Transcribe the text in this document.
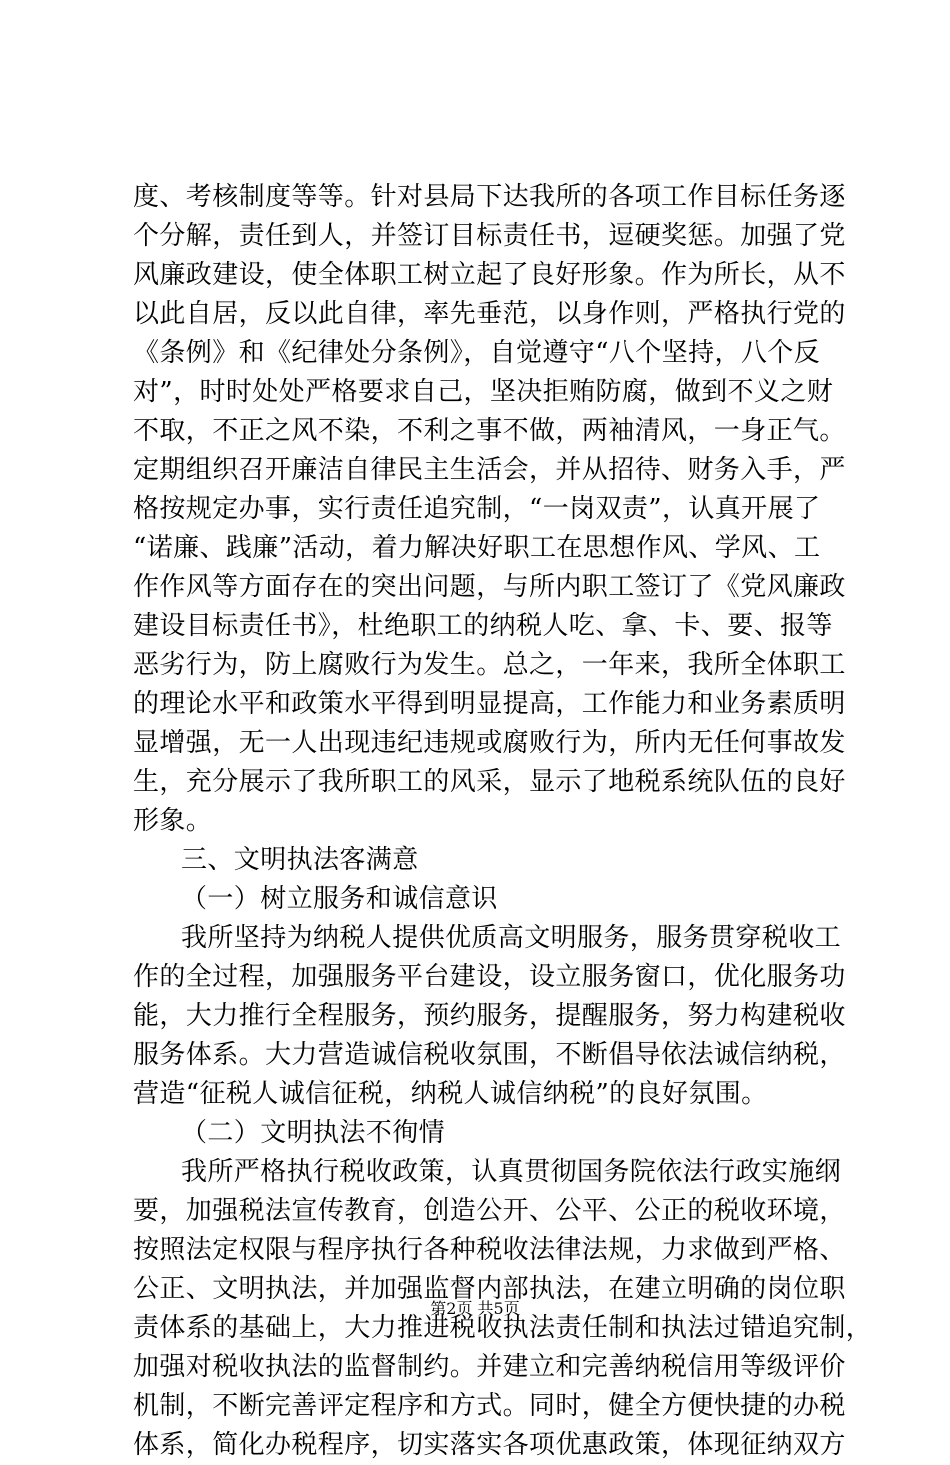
度、考核制度等等。针对县局下达我所的各项工作目标任务逐
个分解，责任到人，并签订目标责任书，逗硬奖惩。加强了党
风廉政建设，使全体职工树立起了良好形象。作为所长，从不
以此自居，反以此自律，率先垂范，以身作则，严格执行党的
《条例》和《纪律处分条例》，自觉遵守“八个坚持，八个反
对”，时时处处严格要求自己，坚决拒贿防腐，做到不义之财
不取，不正之风不染，不利之事不做，两袖清风，一身正气。
定期组织召开廉洁自律民主生活会，并从招待、财务入手，严
格按规定办事，实行责任追究制，“一岗双责”，认真开展了
“诺廉、践廉”活动，着力解决好职工在思想作风、学风、工
作作风等方面存在的突出问题，与所内职工签订了《党风廉政
建设目标责任书》，杜绝职工的纳税人吃、拿、卡、要、报等
恶劣行为，防上腐败行为发生。总之，一年来，我所全体职工
的理论水平和政策水平得到明显提高，工作能力和业务素质明
显增强，无一人出现违纪违规或腐败行为，所内无任何事故发
生，充分展示了我所职工的风采，显示了地税系统队伍的良好
形象。
三、文明执法客满意
（一）树立服务和诚信意识
我所坚持为纳税人提供优质高文明服务，服务贯穿税收工
作的全过程，加强服务平台建设，设立服务窗口，优化服务功
能，大力推行全程服务，预约服务，提醒服务，努力构建税收
服务体系。大力营造诚信税收氛围，不断倡导依法诚信纳税，
营造“征税人诚信征税，纳税人诚信纳税”的良好氛围。
（二）文明执法不徇情
我所严格执行税收政策，认真贯彻国务院依法行政实施纲
要，加强税法宣传教育，创造公开、公平、公正的税收环境，
按照法定权限与程序执行各种税收法律法规，力求做到严格、
公正、文明执法，并加强监督内部执法，在建立明确的岗位职
责体系的基础上，大力推进税收执法责任制和执法过错追究制，
加强对税收执法的监督制约。并建立和完善纳税信用等级评价
机制，不断完善评定程序和方式。同时，健全方便快捷的办税
体系，简化办税程序，切实落实各项优惠政策，体现征纳双方
第2页 共5页
